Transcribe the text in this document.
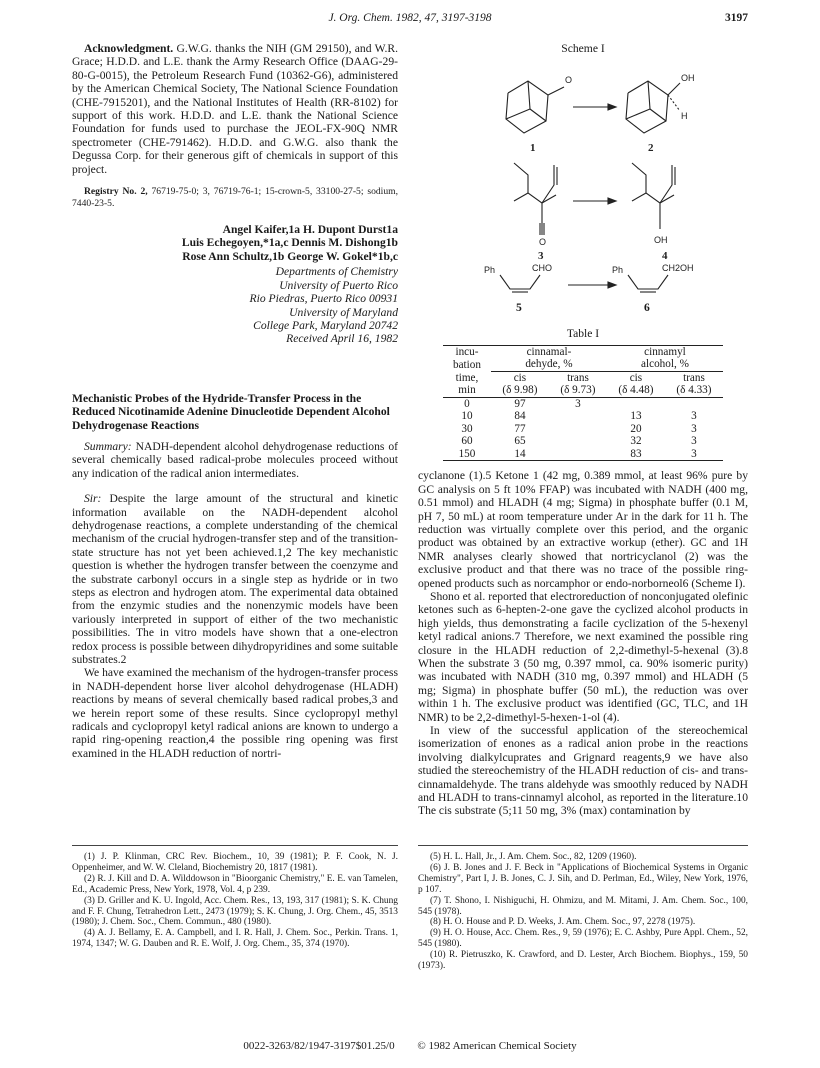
J. Org. Chem. 1982, 47, 3197-3198	3197

Acknowledgment. G.W.G. thanks the NIH (GM 29150), and W.R. Grace; H.D.D. and L.E. thank the Army Research Office (DAAG-29-80-G-0015), the Petroleum Research Fund (10362-G6), administered by the American Chemical Society, The National Science Foundation (CHE-7915201), and the National Institutes of Health (RR-8102) for support of this work. H.D.D. and L.E. thank the National Science Foundation for funds used to purchase the JEOL-FX-90Q NMR spectrometer (CHE-791462). H.D.D. and G.W.G. also thank the Degussa Corp. for their generous gift of chemicals in support of this project.

Registry No. 2, 76719-75-0; 3, 76719-76-1; 15-crown-5, 33100-27-5; sodium, 7440-23-5.

Angel Kaifer,1a H. Dupont Durst1a
Luis Echegoyen,*1a,c Dennis M. Dishong1b
Rose Ann Schultz,1b George W. Gokel*1b,c
Departments of Chemistry
University of Puerto Rico
Rio Piedras, Puerto Rico 00931
University of Maryland
College Park, Maryland 20742
Received April 16, 1982

Mechanistic Probes of the Hydride-Transfer Process in the Reduced Nicotinamide Adenine Dinucleotide Dependent Alcohol Dehydrogenase Reactions

Summary: NADH-dependent alcohol dehydrogenase reductions of several chemically based radical-probe molecules proceed without any indication of the radical anion intermediates.

Sir: Despite the large amount of the structural and kinetic information available on the NADH-dependent alcohol dehydrogenase reactions, a complete understanding of the chemical mechanism of the crucial hydrogen-transfer step and of the transition-state structure has not yet been achieved.1,2 The key mechanistic question is whether the hydrogen transfer between the coenzyme and the substrate carbonyl occurs in a single step as hydride or in two steps as electron and hydrogen atom. The experimental data obtained from the enzymic studies and the nonenzymic models have been variously interpreted in support of either of the two mechanistic possibilities. The in vitro models have shown that a one-electron redox process is possible between dihydropyridines and some suitable substrates.2

We have examined the mechanism of the hydrogen-transfer process in NADH-dependent horse liver alcohol dehydrogenase (HLADH) reactions by means of several chemically based radical probes,3 and we herein report some of these results. Since cyclopropyl methyl radicals and cyclopropyl ketyl radical anions are known to undergo a rapid ring-opening reaction,4 the possible ring opening was first examined in the HLADH reduction of nortri-

Scheme I
O	OH
H
1	2
O	OH
3	4
Ph	CHO	Ph	CH2OH
5	6
Table I
incu-	cinnamal-		cinnamyl	
bation	dehyde, %		alcohol, %	
time,	cis	trans	cis	trans
min	(δ 9.98)	(δ 9.73)	(δ 4.48)	(δ 4.33)
0	97	3		
10	84		13	3
30	77		20	3
60	65		32	3
150	14		83	3

cyclanone (1).5 Ketone 1 (42 mg, 0.389 mmol, at least 96% pure by GC analysis on 5 ft 10% FFAP) was incubated with NADH (400 mg, 0.51 mmol) and HLADH (4 mg; Sigma) in phosphate buffer (0.1 M, pH 7, 50 mL) at room temperature under Ar in the dark for 11 h. The reduction was virtually complete over this period, and the organic product was obtained by an extractive workup (ether). GC and 1H NMR analyses clearly showed that nortricyclanol (2) was the exclusive product and that there was no trace of the possible ring-opened products such as norcamphor or endo-norborneol6 (Scheme I).

Shono et al. reported that electroreduction of nonconjugated olefinic ketones such as 6-hepten-2-one gave the cyclized alcohol products in high yields, thus demonstrating a facile cyclization of the 5-hexenyl ketyl radical anions.7 Therefore, we next examined the possible ring closure in the HLADH reduction of 2,2-dimethyl-5-hexenal (3).8 When the substrate 3 (50 mg, 0.397 mmol, ca. 90% isomeric purity) was incubated with NADH (310 mg, 0.397 mmol) and HLADH (5 mg; Sigma) in phosphate buffer (50 mL), the reduction was over within 1 h. The exclusive product was identified (GC, TLC, and 1H NMR) to be 2,2-dimethyl-5-hexen-1-ol (4).

In view of the successful application of the stereochemical isomerization of enones as a radical anion probe in the reactions involving dialkylcuprates and Grignard reagents,9 we have also studied the stereochemistry of the HLADH reduction of cis- and trans-cinnamaldehyde. The trans aldehyde was smoothly reduced by NADH and HLADH to trans-cinnamyl alcohol, as reported in the literature.10 The cis substrate (5;11 50 mg, 3% (max) contamination by

(1) J. P. Klinman, CRC Rev. Biochem., 10, 39 (1981); P. F. Cook, N. J. Oppenheimer, and W. W. Cleland, Biochemistry 20, 1817 (1981).

(2) R. J. Kill and D. A. Wilddowson in "Bioorganic Chemistry," E. E. van Tamelen, Ed., Academic Press, New York, 1978, Vol. 4, p 239.

(3) D. Griller and K. U. Ingold, Acc. Chem. Res., 13, 193, 317 (1981); S. K. Chung and F. F. Chung, Tetrahedron Lett., 2473 (1979); S. K. Chung, J. Org. Chem., 45, 3513 (1980); J. Chem. Soc., Chem. Commun., 480 (1980).

(4) A. J. Bellamy, E. A. Campbell, and I. R. Hall, J. Chem. Soc., Perkin. Trans. 1, 1974, 1347; W. G. Dauben and R. E. Wolf, J. Org. Chem., 35, 374 (1970).

(5) H. L. Hall, Jr., J. Am. Chem. Soc., 82, 1209 (1960).

(6) J. B. Jones and J. F. Beck in "Applications of Biochemical Systems in Organic Chemistry", Part I, J. B. Jones, C. J. Sih, and D. Perlman, Ed., Wiley, New York, 1976, p 107.

(7) T. Shono, I. Nishiguchi, H. Ohmizu, and M. Mitami, J. Am. Chem. Soc., 100, 545 (1978).

(8) H. O. House and P. D. Weeks, J. Am. Chem. Soc., 97, 2278 (1975).

(9) H. O. House, Acc. Chem. Res., 9, 59 (1976); E. C. Ashby, Pure Appl. Chem., 52, 545 (1980).

(10) R. Pietruszko, K. Crawford, and D. Lester, Arch Biochem. Biophys., 159, 50 (1973).

0022-3263/82/1947-3197$01.25/0 © 1982 American Chemical Society
